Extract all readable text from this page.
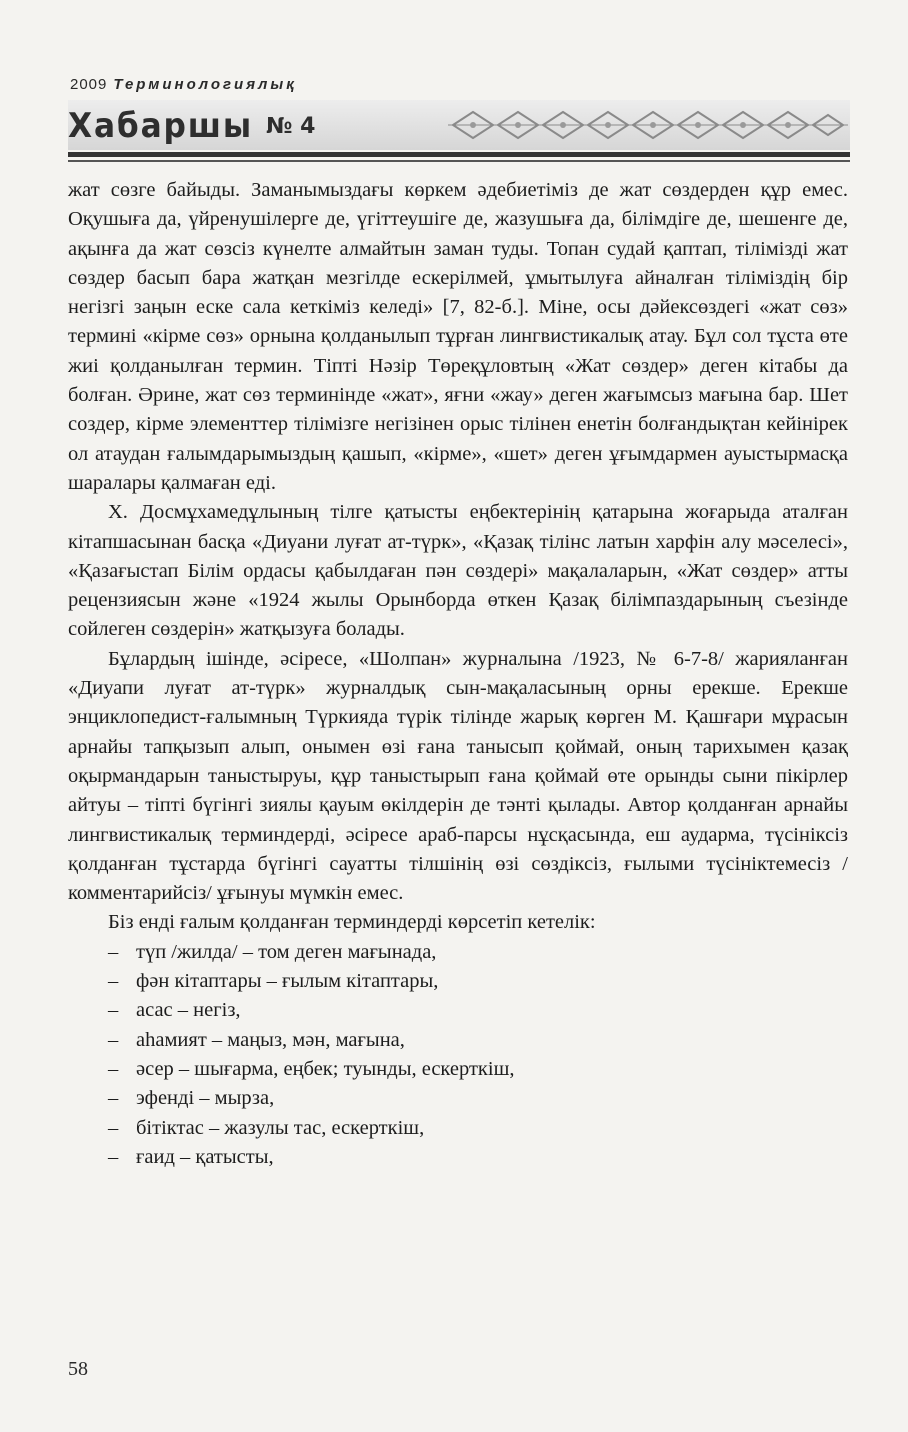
2009 Терминологиялық
Хабаршы № 4

жат сөзге байыды. Заманымыздағы көркем әдебиетіміз де жат сөздерден құр емес. Оқушыға да, үйренушілерге де, үгіттеушіге де, жазушыға да, білімдіге де, шешенге де, ақынға да жат сөзсіз күнелте алмайтын заман туды. Топан судай қаптап, тілімізді жат сөздер басып бара жатқан мезгілде ескерілмей, ұмытылуға айналған тіліміздің бір негізгі заңын еске сала кеткіміз келеді» [7, 82-б.]. Міне, осы дәйексөздегі «жат сөз» термині «кірме сөз» орнына қолданылып тұрған лингвистикалық атау. Бұл сол тұста өте жиі қолданылған термин. Тіпті Нәзір Төреқұловтың «Жат сөздер» деген кітабы да болған. Әрине, жат сөз терминінде «жат», яғни «жау» деген жағымсыз мағына бар. Шет создер, кірме элементтер тілімізге негізінен орыс тілінен енетін болғандықтан кейінірек ол атаудан ғалымдарымыздың қашып, «кірме», «шет» деген ұғымдармен ауыстырмасқа шаралары қалмаған еді.

Х. Досмұхамедұлының тілге қатысты еңбектерінің қатарына жоғарыда аталған кітапшасынан басқа «Диуани луғат ат-түрк», «Қазақ тілінс латын харфін алу мәселесі», «Қазағыстап Білім ордасы қабылдаған пән сөздері» мақалаларын, «Жат сөздер» атты рецензиясын және «1924 жылы Орынборда өткен Қазақ білімпаздарының съезінде сойлеген сөздерін» жатқызуға болады.

Бұлардың ішінде, әсіресе, «Шолпан» журналына /1923, № 6-7-8/ жарияланған «Диуапи луғат ат-түрк» журналдық сын-мақаласының орны ерекше. Ерекше энциклопедист-ғалымның Түркияда түрік тілінде жарық көрген М. Қашғари мұрасын арнайы тапқызып алып, онымен өзі ғана танысып қоймай, оның тарихымен қазақ оқырмандарын таныстыруы, құр таныстырып ғана қоймай өте орынды сыни пікірлер айтуы – тіпті бүгінгі зиялы қауым өкілдерін де тәнті қылады. Автор қолданған арнайы лингвистикалық терминдерді, әсіресе араб-парсы нұсқасында, еш аудармa, түсініксіз қолданған тұстарда бүгінгі сауатты тілшінің өзі сөздіксіз, ғылыми түсініктемесіз /комментарийсіз/ ұғынуы мүмкін емес.

Біз енді ғалым қолданған терминдерді көрсетіп кетелік:

– түп /жилда/ – том деген мағынада,
– фән кітаптары – ғылым кітаптары,
– асас – негіз,
– аһамият – маңыз, мән, мағына,
– әсер – шығарма, еңбек; туынды, ескерткіш,
– эфенді – мырза,
– бітіктас – жазулы тас, ескерткіш,
– ғаид – қатысты,
58
